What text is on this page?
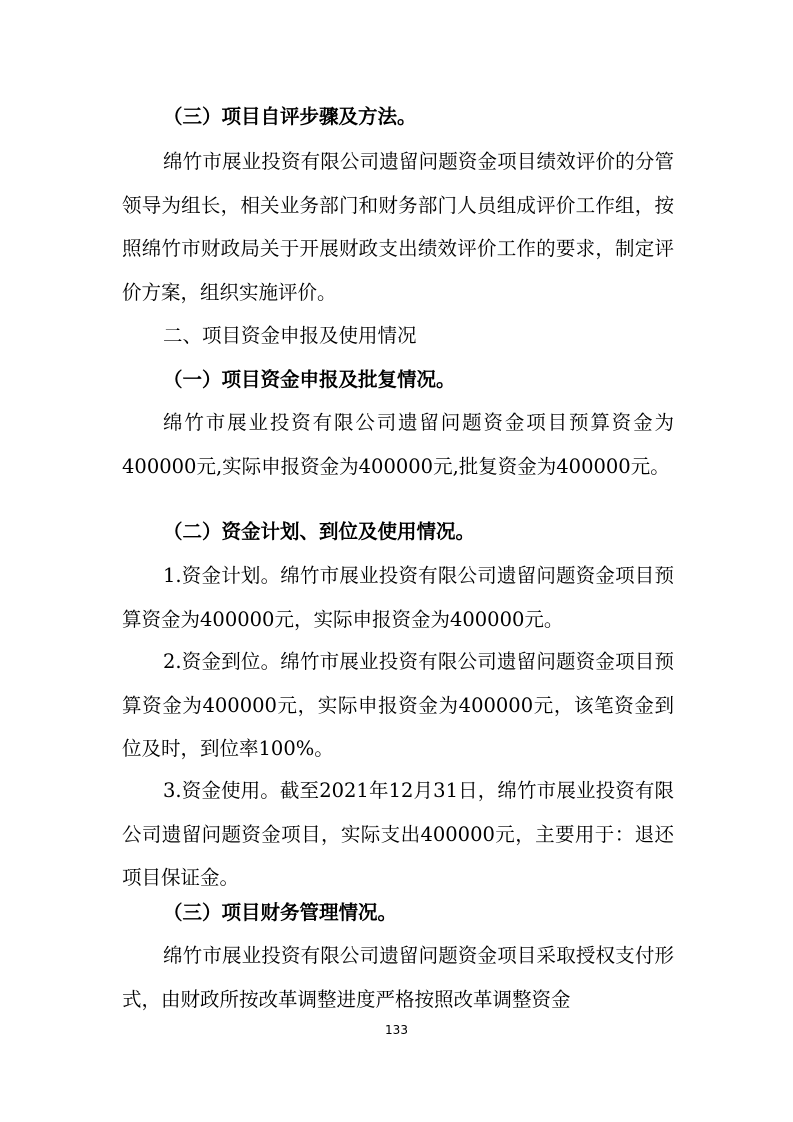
（三）项目自评步骤及方法。

绵竹市展业投资有限公司遗留问题资金项目绩效评价的分管领导为组长，相关业务部门和财务部门人员组成评价工作组，按照绵竹市财政局关于开展财政支出绩效评价工作的要求，制定评价方案，组织实施评价。

二、项目资金申报及使用情况

（一）项目资金申报及批复情况。

绵竹市展业投资有限公司遗留问题资金项目预算资金为400000元,实际申报资金为400000元,批复资金为400000元。

（二）资金计划、到位及使用情况。

1.资金计划。绵竹市展业投资有限公司遗留问题资金项目预算资金为400000元，实际申报资金为400000元。

2.资金到位。绵竹市展业投资有限公司遗留问题资金项目预算资金为400000元，实际申报资金为400000元，该笔资金到位及时，到位率100%。

3.资金使用。截至2021年12月31日，绵竹市展业投资有限公司遗留问题资金项目，实际支出400000元，主要用于：退还项目保证金。

（三）项目财务管理情况。

绵竹市展业投资有限公司遗留问题资金项目采取授权支付形式，由财政所按改革调整进度严格按照改革调整资金

133
